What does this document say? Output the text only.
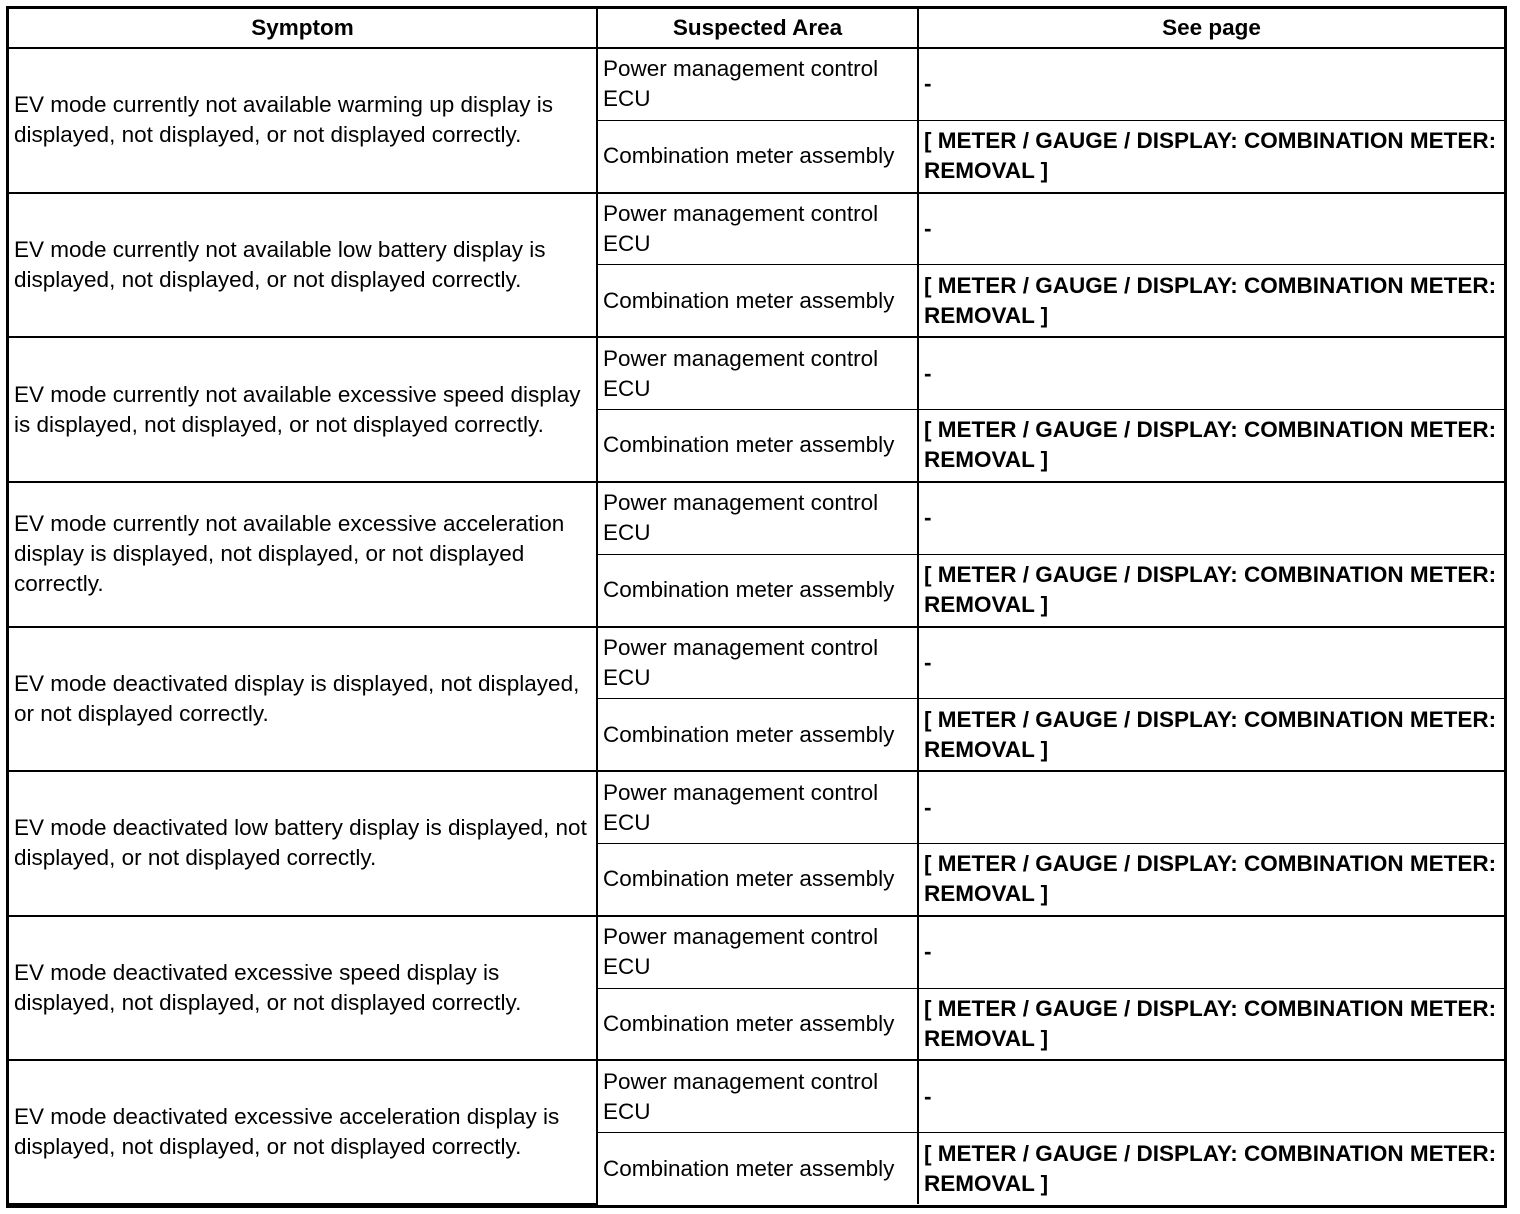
Symptom	Suspected Area	See page
EV mode currently not available warming up display is displayed, not displayed, or not displayed correctly.	Power management control ECU	-
	Combination meter assembly	[ METER / GAUGE / DISPLAY: COMBINATION METER: REMOVAL ]
EV mode currently not available low battery display is displayed, not displayed, or not displayed correctly.	Power management control ECU	-
	Combination meter assembly	[ METER / GAUGE / DISPLAY: COMBINATION METER: REMOVAL ]
EV mode currently not available excessive speed display is displayed, not displayed, or not displayed correctly.	Power management control ECU	-
	Combination meter assembly	[ METER / GAUGE / DISPLAY: COMBINATION METER: REMOVAL ]
EV mode currently not available excessive acceleration display is displayed, not displayed, or not displayed correctly.	Power management control ECU	-
	Combination meter assembly	[ METER / GAUGE / DISPLAY: COMBINATION METER: REMOVAL ]
EV mode deactivated display is displayed, not displayed, or not displayed correctly.	Power management control ECU	-
	Combination meter assembly	[ METER / GAUGE / DISPLAY: COMBINATION METER: REMOVAL ]
EV mode deactivated low battery display is displayed, not displayed, or not displayed correctly.	Power management control ECU	-
	Combination meter assembly	[ METER / GAUGE / DISPLAY: COMBINATION METER: REMOVAL ]
EV mode deactivated excessive speed display is displayed, not displayed, or not displayed correctly.	Power management control ECU	-
	Combination meter assembly	[ METER / GAUGE / DISPLAY: COMBINATION METER: REMOVAL ]
EV mode deactivated excessive acceleration display is displayed, not displayed, or not displayed correctly.	Power management control ECU	-
	Combination meter assembly	[ METER / GAUGE / DISPLAY: COMBINATION METER: REMOVAL ]
